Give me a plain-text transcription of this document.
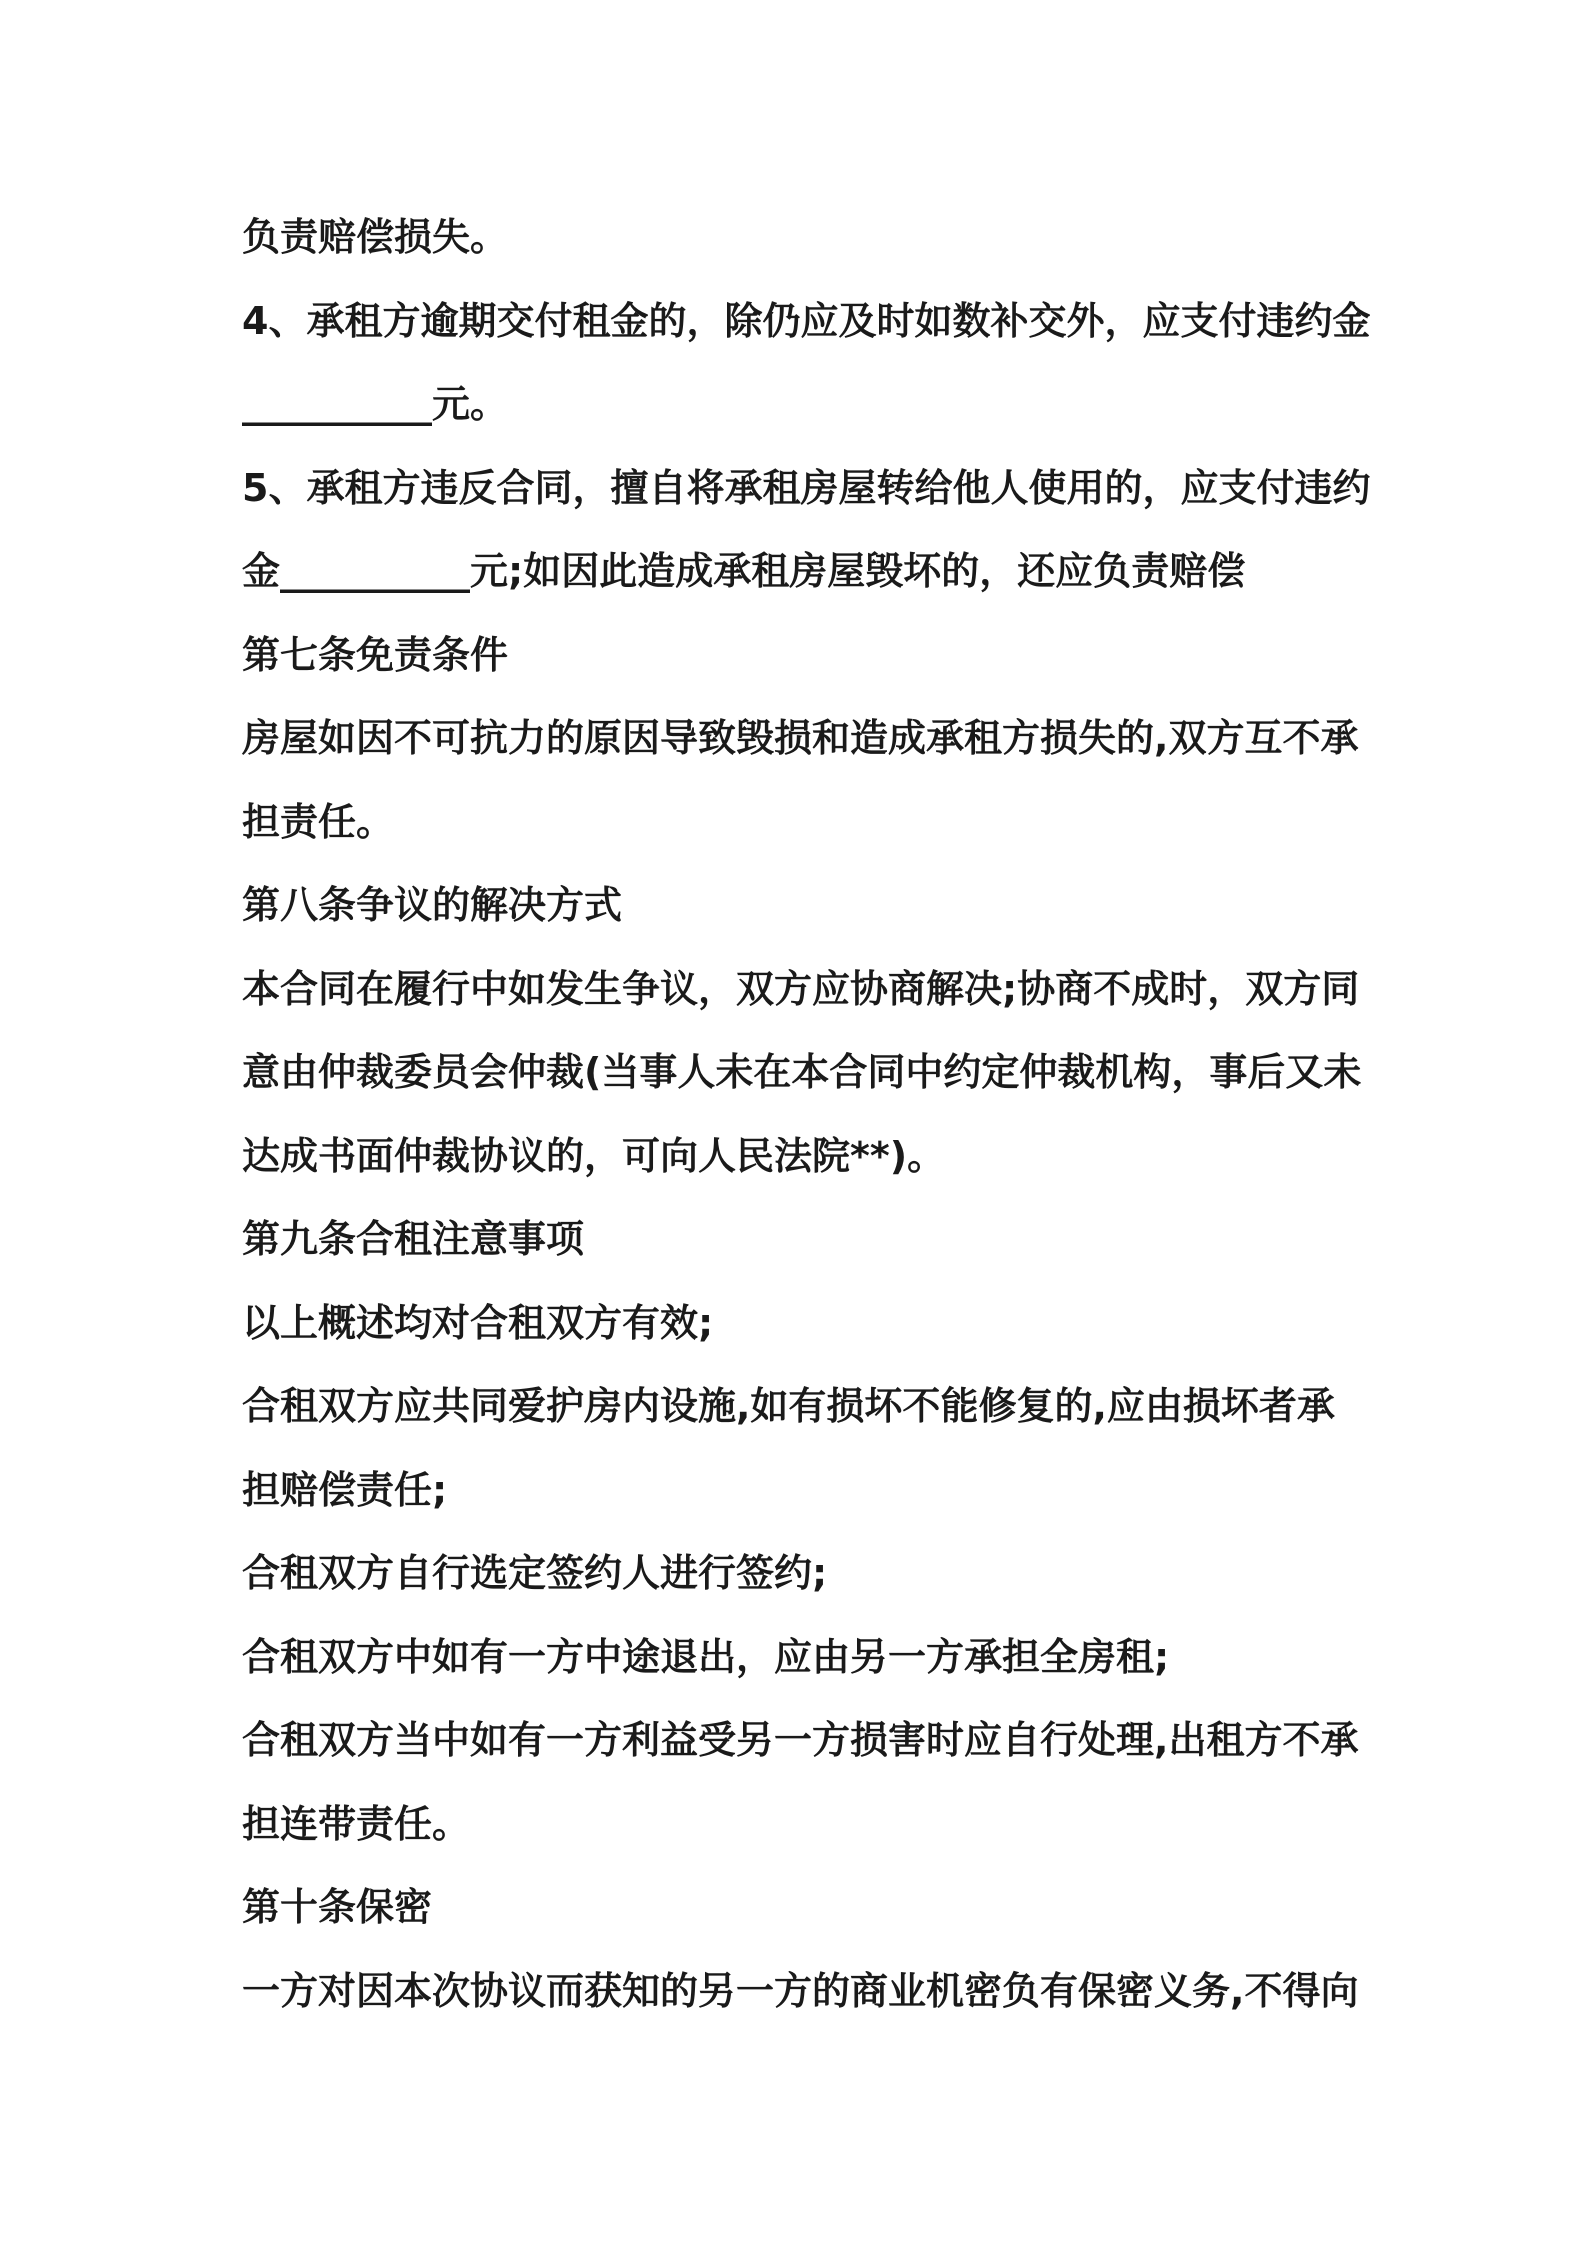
负责赔偿损失。
4、承租方逾期交付租金的，除仍应及时如数补交外，应支付违约金
__________元。
5、承租方违反合同，擅自将承租房屋转给他人使用的，应支付违约
金__________元;如因此造成承租房屋毁坏的，还应负责赔偿
第七条免责条件
房屋如因不可抗力的原因导致毁损和造成承租方损失的,双方互不承
担责任。
第八条争议的解决方式
本合同在履行中如发生争议，双方应协商解决;协商不成时，双方同
意由仲裁委员会仲裁(当事人未在本合同中约定仲裁机构，事后又未
达成书面仲裁协议的，可向人民法院**)。
第九条合租注意事项
以上概述均对合租双方有效;
合租双方应共同爱护房内设施,如有损坏不能修复的,应由损坏者承
担赔偿责任;
合租双方自行选定签约人进行签约;
合租双方中如有一方中途退出，应由另一方承担全房租;
合租双方当中如有一方利益受另一方损害时应自行处理,出租方不承
担连带责任。
第十条保密
一方对因本次协议而获知的另一方的商业机密负有保密义务,不得向
